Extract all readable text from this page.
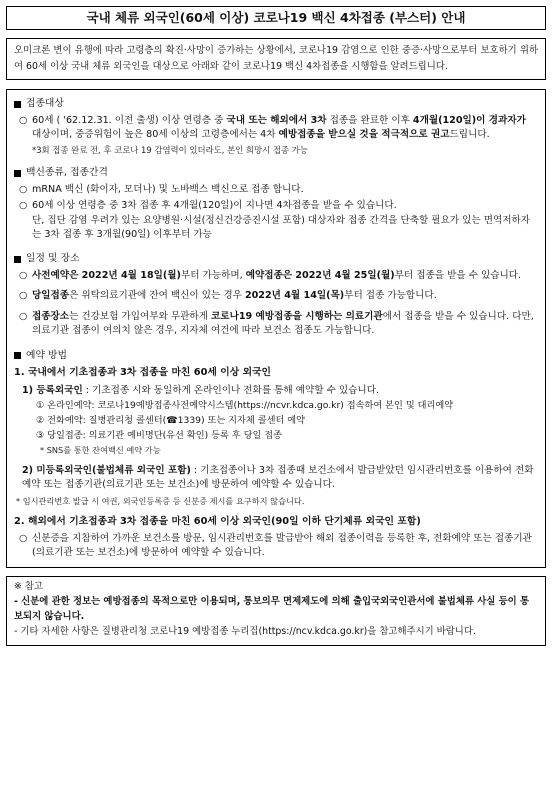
국내 체류 외국인(60세 이상) 코로나19 백신 4차접종 (부스터) 안내
오미크론 변이 유행에 따라 고령층의 확진·사망이 증가하는 상황에서, 코로나19 감염으로 인한 중증·사망으로부터 보호하기 위하여 60세 이상 국내 체류 외국인을 대상으로 아래와 같이 코로나19 백신 4차접종을 시행함을 알려드립니다.
접종대상
○ 60세 ( '62.12.31. 이전 출생) 이상 연령층 중 국내 또는 해외에서 3차 접종을 완료한 이후 4개월(120일)이 경과자가 대상이며, 중증위험이 높은 80세 이상의 고령층에서는 4차 예방접종을 받으실 것을 적극적으로 권고드립니다.
*3회 접종 완료 전, 후 코로나 19 감염력이 있더라도, 본인 희망시 접종 가능
백신종류, 접종간격
○ mRNA 백신 (화이자, 모더나) 및 노바백스 백신으로 접종 합니다.
○ 60세 이상 연령층 중 3차 접종 후 4개월(120일)이 지나면 4차접종을 받을 수 있습니다.
단, 집단 감염 우려가 있는 요양병원·시설(정신건강증진시설 포함) 대상자와 접종 간격을 단축할 필요가 있는 면역저하자는 3차 접종 후 3개월(90일) 이후부터 가능
일정 및 장소
○ 사전예약은 2022년 4월 18일(월)부터 가능하며, 예약접종은 2022년 4월 25일(월)부터 접종을 받을 수 있습니다.
○ 당일접종은 위탁의료기관에 잔여 백신이 있는 경우 2022년 4월 14일(목)부터 접종 가능합니다.
○ 접종장소는 건강보험 가입여부와 무관하게 코로나19 예방접종을 시행하는 의료기관에서 접종을 받을 수 있습니다. 다만, 의료기관 접종이 여의치 않은 경우, 지자체 여건에 따라 보건소 접종도 가능합니다.
예약 방법
1. 국내에서 기초접종과 3차 접종을 마친 60세 이상 외국인
1) 등록외국인 : 기초접종 시와 동일하게 온라인이나 전화를 통해 예약할 수 있습니다.
① 온라인예약: 코로나19예방접종사전예약시스템(https://ncvr.kdca.go.kr) 접속하여 본인 및 대리예약
② 전화예약: 질병관리청 콜센터(☎1339) 또는 지자체 콜센터 예약
③ 당일접종: 의료기관 예비명단(유선 확인) 등록 후 당일 접종
* SNS를 통한 잔여백신 예약 가능
2) 미등록외국인(불법체류 외국인 포함) : 기초접종이나 3차 접종때 보건소에서 발급받았던 임시관리번호를 이용하여 전화예약 또는 접종기관(의료기관 또는 보건소)에 방문하여 예약할 수 있습니다.
* 임시관리번호 발급 시 여권, 외국인등록증 등 신분증 제시를 요구하지 않습니다.
2. 해외에서 기초접종과 3차 접종을 마친 60세 이상 외국인(90일 이하 단기체류 외국인 포함)
○ 신분증을 지참하여 가까운 보건소를 방문, 임시관리번호를 발급받아 해외 접종이력을 등록한 후, 전화예약 또는 접종기관(의료기관 또는 보건소)에 방문하여 예약할 수 있습니다.
※ 참고

- 신분에 관한 정보는 예방접종의 목적으로만 이용되며, 통보의무 면제제도에 의해 출입국외국인관서에 불법체류 사실 등이 통보되지 않습니다.

- 기타 자세한 사항은 질병관리청 코로나19 예방접종 누리집(https://ncv.kdca.go.kr)을 참고해주시기 바랍니다.
